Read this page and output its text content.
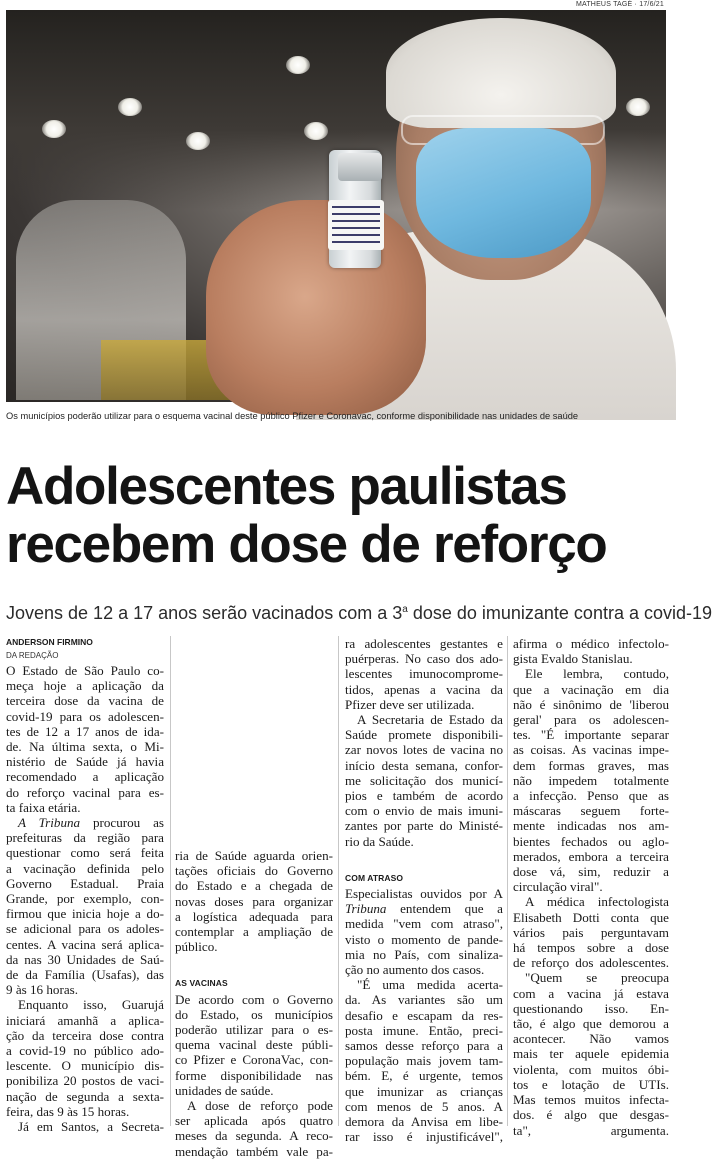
MATHEUS TAGÉ · 17/6/21
Os municípios poderão utilizar para o esquema vacinal deste público Pfizer e Coronavac, conforme disponibilidade nas unidades de saúde
Adolescentes paulistas
recebem dose de reforço

Jovens de 12 a 17 anos serão vacinados com a 3$^a$ dose do imunizante contra a covid-19

ANDERSON FIRMINO
DA REDAÇÃO
O Estado de São Paulo co-
meça hoje a aplicação da
terceira dose da vacina de
covid-19 para os adolescen-
tes de 12 a 17 anos de ida-
de. Na última sexta, o Mi-
nistério de Saúde já havia
recomendado a aplicação
do reforço vacinal para es-
ta faixa etária.
A Tribuna procurou as
prefeituras da região para
questionar como será feita
a vacinação definida pelo
Governo Estadual. Praia
Grande, por exemplo, con-
firmou que inicia hoje a do-
se adicional para os adoles-
centes. A vacina será aplica-
da nas 30 Unidades de Saú-
de da Família (Usafas), das
9 às 16 horas.
Enquanto isso, Guarujá
iniciará amanhã a aplica-
ção da terceira dose contra
a covid-19 no público ado-
lescente. O município dis-
ponibiliza 20 postos de vaci-
nação de segunda a sexta-
feira, das 9 às 15 horas.
Já em Santos, a Secreta-
ria de Saúde aguarda orien-
tações oficiais do Governo
do Estado e a chegada de
novas doses para organizar
a logística adequada para
contemplar a ampliação de
público.
AS VACINAS
De acordo com o Governo
do Estado, os municípios
poderão utilizar para o es-
quema vacinal deste públi-
co Pfizer e CoronaVac, con-
forme disponibilidade nas
unidades de saúde.
A dose de reforço pode
ser aplicada após quatro
meses da segunda. A reco-
mendação também vale pa-
ra adolescentes gestantes e
puérperas. No caso dos ado-
lescentes imunocompromе-
tidos, apenas a vacina da
Pfizer deve ser utilizada.
A Secretaria de Estado da
Saúde promete disponibili-
zar novos lotes de vacina no
início desta semana, confor-
me solicitação dos municí-
pios e também de acordo
com o envio de mais imuni-
zantes por parte do Ministé-
rio da Saúde.
COM ATRASO
Especialistas ouvidos por A
Tribuna entendem que a
medida "vem com atraso",
visto o momento de pande-
mia no País, com sinaliza-
ção no aumento dos casos.
"É uma medida acerta-
da. As variantes são um
desafio e escapam da res-
posta imune. Então, preci-
samos desse reforço para a
população mais jovem tam-
bém. E, é urgente, temos
que imunizar as crianças
com menos de 5 anos. A
demora da Anvisa em libe-
rar isso é injustificável",
afirma o médico infectolo-
gista Evaldo Stanislau.
Ele lembra, contudo,
que a vacinação em dia
não é sinônimo de 'liberou
geral' para os adolescen-
tes. "É importante separar
as coisas. As vacinas impe-
dem formas graves, mas
não impedem totalmente
a infecção. Penso que as
máscaras seguem forte-
mente indicadas nos am-
bientes fechados ou aglo-
merados, embora a terceira
dose vá, sim, reduzir a
circulação viral".
A médica infectologista
Elisabeth Dotti conta que
vários pais perguntavam
há tempos sobre a dose
de reforço dos adolescentes.
"Quem se preocupa
com a vacina já estava
questionando isso. En-
tão, é algo que demorou a
acontecer. Não vamos
mais ter aquele epidemia
violenta, com muitos óbi-
tos e lotação de UTIs.
Mas temos muitos infecta-
dos. é algo que desgas-
ta", argumenta.
